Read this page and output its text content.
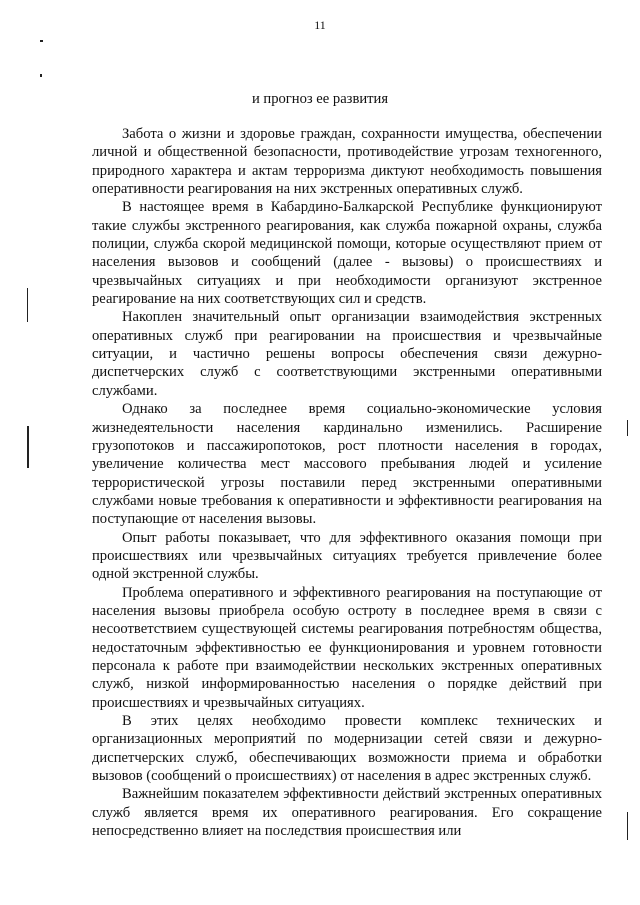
11
и прогноз ее развития

Забота о жизни и здоровье граждан, сохранности имущества, обеспечении личной и общественной безопасности, противодействие угрозам техногенного, природного характера и актам терроризма диктуют необходимость повышения оперативности реагирования на них экстренных оперативных служб.

В настоящее время в Кабардино-Балкарской Республике функционируют такие службы экстренного реагирования, как служба пожарной охраны, служба полиции, служба скорой медицинской помощи, которые осуществляют прием от населения вызовов и сообщений (далее - вызовы) о происшествиях и чрезвычайных ситуациях и при необходимости организуют экстренное реагирование на них соответствующих сил и средств.

Накоплен значительный опыт организации взаимодействия экстренных оперативных служб при реагировании на происшествия и чрезвычайные ситуации, и частично решены вопросы обеспечения связи дежурно-диспетчерских служб с соответствующими экстренными оперативными службами.

Однако за последнее время социально-экономические условия жизнедеятельности населения кардинально изменились. Расширение грузопотоков и пассажиропотоков, рост плотности населения в городах, увеличение количества мест массового пребывания людей и усиление террористической угрозы поставили перед экстренными оперативными службами новые требования к оперативности и эффективности реагирования на поступающие от населения вызовы.

Опыт работы показывает, что для эффективного оказания помощи при происшествиях или чрезвычайных ситуациях требуется привлечение более одной экстренной службы.

Проблема оперативного и эффективного реагирования на поступающие от населения вызовы приобрела особую остроту в последнее время в связи с несоответствием существующей системы реагирования потребностям общества, недостаточным эффективностью ее функционирования и уровнем готовности персонала к работе при взаимодействии нескольких экстренных оперативных служб, низкой информированностью населения о порядке действий при происшествиях и чрезвычайных ситуациях.

В этих целях необходимо провести комплекс технических и организационных мероприятий по модернизации сетей связи и дежурно-диспетчерских служб, обеспечивающих возможности приема и обработки вызовов (сообщений о происшествиях) от населения в адрес экстренных служб.

Важнейшим показателем эффективности действий экстренных оперативных служб является время их оперативного реагирования. Его сокращение непосредственно влияет на последствия происшествия или
